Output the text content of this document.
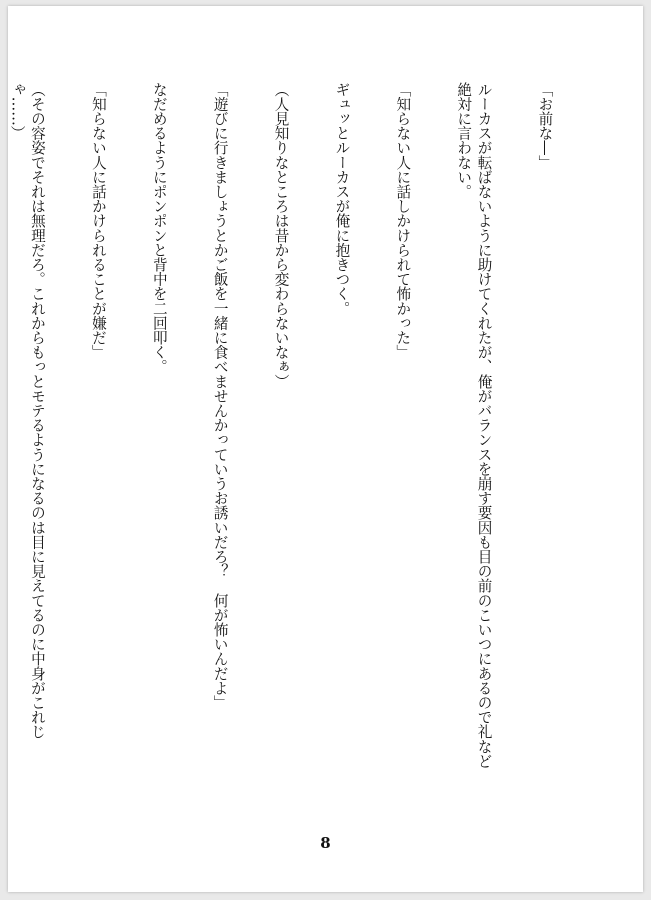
「お前な―」

ルーカスが転ばないように助けてくれたが、俺がバランスを崩す要因も目の前のこいつにあるので礼など絶対に言わない。

「知らない人に話しかけられて怖かった」

ギュッとルーカスが俺に抱きつく。

（人見知りなところは昔から変わらないなぁ）

「遊びに行きましょうとかご飯を一緒に食べませんかっていうお誘いだろ？　何が怖いんだよ」

なだめるようにポンポンと背中を二回叩く。

「知らない人に話かけられることが嫌だ」

（その容姿でそれは無理だろ。これからもっとモテるようになるのは目に見えてるのに中身がこれじゃ……）

8
